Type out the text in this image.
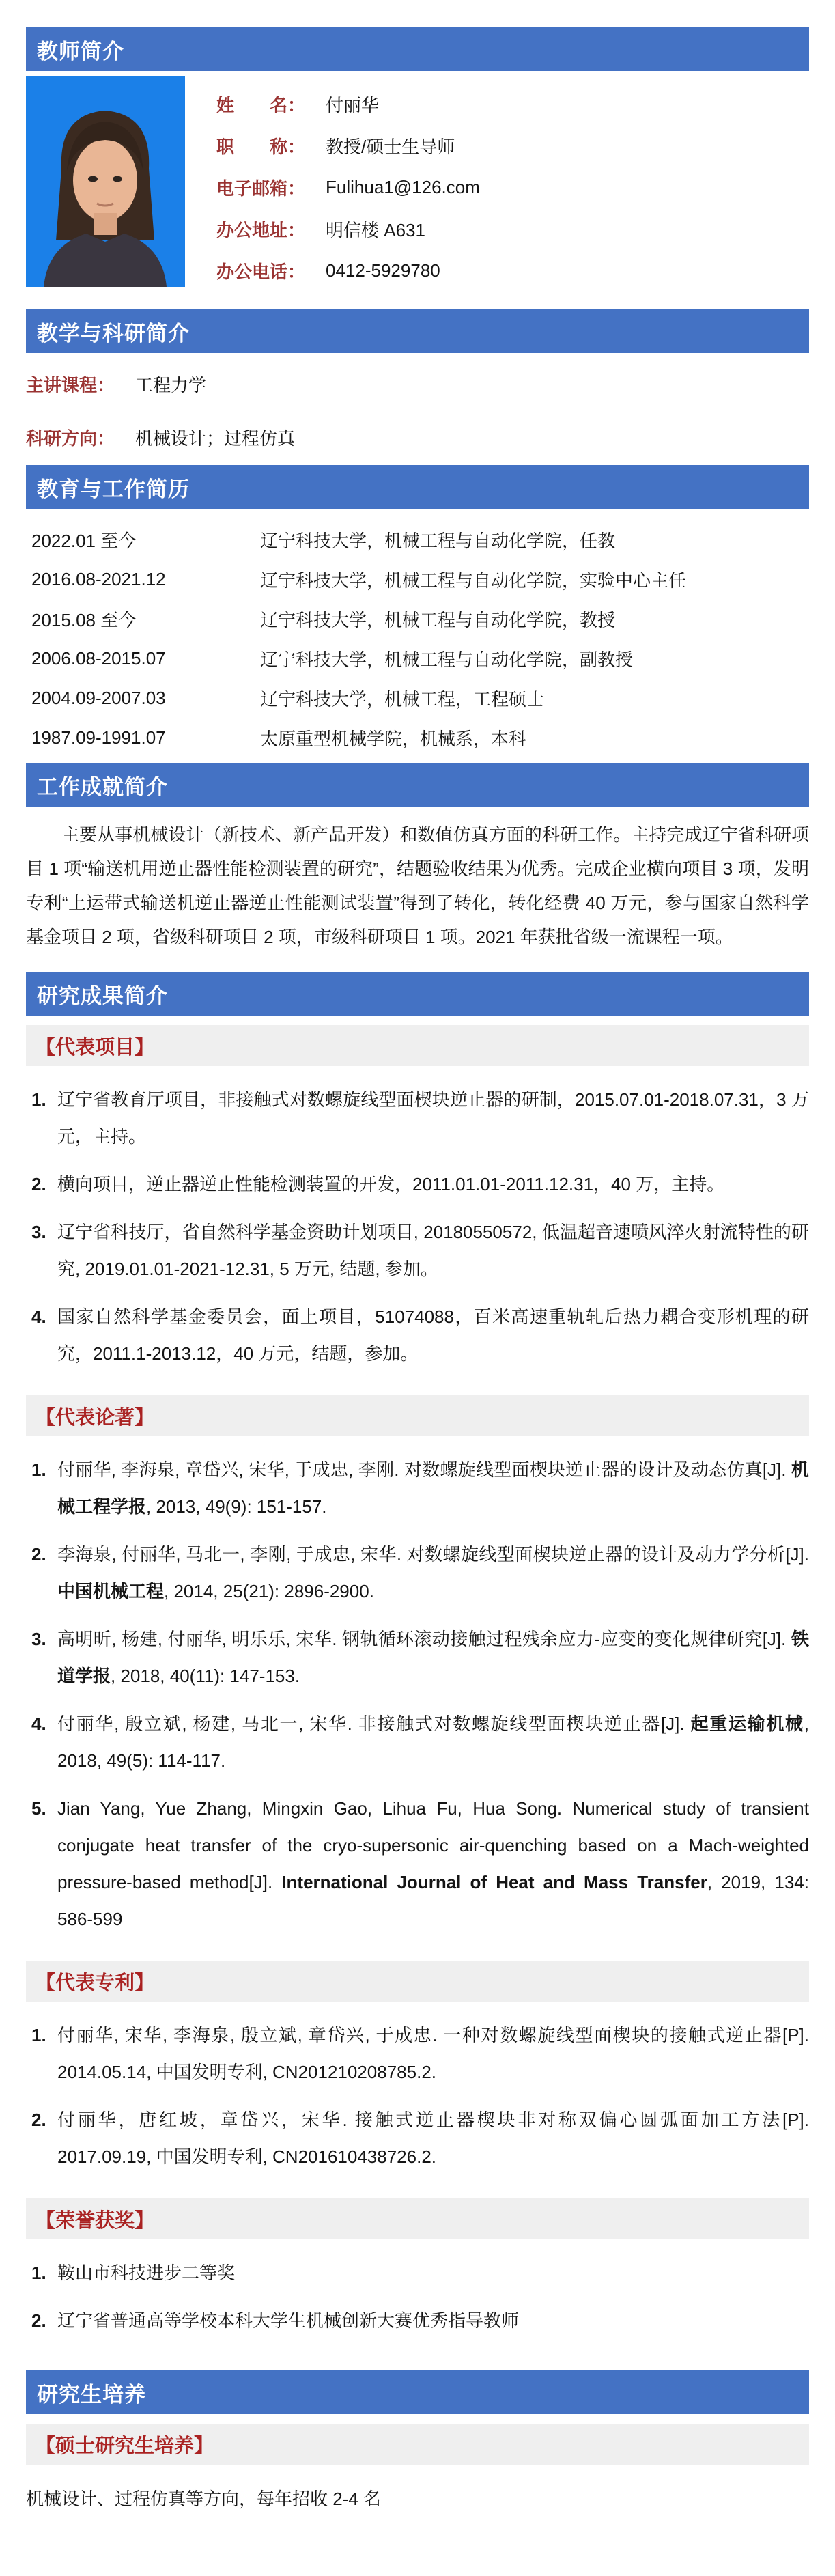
教师简介
姓　　名： 付丽华
职　　称： 教授/硕士生导师
电子邮箱： Fulihua1@126.com
办公地址： 明信楼 A631
办公电话： 0412-5929780
教学与科研简介
主讲课程： 工程力学
科研方向： 机械设计；过程仿真
教育与工作简历
2022.01 至今	辽宁科技大学，机械工程与自动化学院，任教
2016.08-2021.12	辽宁科技大学，机械工程与自动化学院，实验中心主任
2015.08 至今	辽宁科技大学，机械工程与自动化学院，教授
2006.08-2015.07	辽宁科技大学，机械工程与自动化学院，副教授
2004.09-2007.03	辽宁科技大学，机械工程，工程硕士
1987.09-1991.07	太原重型机械学院，机械系，本科
工作成就简介

主要从事机械设计（新技术、新产品开发）和数值仿真方面的科研工作。主持完成辽宁省科研项目 1 项“输送机用逆止器性能检测装置的研究”，结题验收结果为优秀。完成企业横向项目 3 项，发明专利“上运带式输送机逆止器逆止性能测试装置”得到了转化，转化经费 40 万元，参与国家自然科学基金项目 2 项，省级科研项目 2 项，市级科研项目 1 项。2021 年获批省级一流课程一项。

研究成果简介
【代表项目】
1. 辽宁省教育厅项目，非接触式对数螺旋线型面楔块逆止器的研制，2015.07.01-2018.07.31，3 万元，主持。
2. 横向项目，逆止器逆止性能检测装置的开发，2011.01.01-2011.12.31，40 万，主持。
3. 辽宁省科技厅，省自然科学基金资助计划项目, 20180550572, 低温超音速喷风淬火射流特性的研究, 2019.01.01-2021-12.31, 5 万元, 结题, 参加。
4. 国家自然科学基金委员会，面上项目，51074088，百米高速重轨轧后热力耦合变形机理的研究，2011.1-2013.12，40 万元，结题，参加。
【代表论著】
1. 付丽华, 李海泉, 章岱兴, 宋华, 于成忠, 李刚. 对数螺旋线型面楔块逆止器的设计及动态仿真[J]. 机械工程学报, 2013, 49(9): 151-157.
2. 李海泉, 付丽华, 马北一, 李刚, 于成忠, 宋华. 对数螺旋线型面楔块逆止器的设计及动力学分析[J]. 中国机械工程, 2014, 25(21): 2896-2900.
3. 高明昕, 杨建, 付丽华, 明乐乐, 宋华. 钢轨循环滚动接触过程残余应力-应变的变化规律研究[J]. 铁道学报, 2018, 40(11): 147-153.
4. 付丽华, 殷立斌, 杨建, 马北一, 宋华. 非接触式对数螺旋线型面楔块逆止器[J]. 起重运输机械, 2018, 49(5): 114-117.
5. Jian Yang, Yue Zhang, Mingxin Gao, Lihua Fu, Hua Song. Numerical study of transient conjugate heat transfer of the cryo-supersonic air-quenching based on a Mach-weighted pressure-based method[J]. International Journal of Heat and Mass Transfer, 2019, 134: 586-599
【代表专利】
1. 付丽华, 宋华, 李海泉, 殷立斌, 章岱兴, 于成忠. 一种对数螺旋线型面楔块的接触式逆止器[P]. 2014.05.14, 中国发明专利, CN201210208785.2.
2. 付丽华，唐红坡，章岱兴，宋华. 接触式逆止器楔块非对称双偏心圆弧面加工方法[P]. 2017.09.19, 中国发明专利, CN201610438726.2.
【荣誉获奖】
1. 鞍山市科技进步二等奖
2. 辽宁省普通高等学校本科大学生机械创新大赛优秀指导教师
研究生培养
【硕士研究生培养】

机械设计、过程仿真等方向，每年招收 2-4 名
